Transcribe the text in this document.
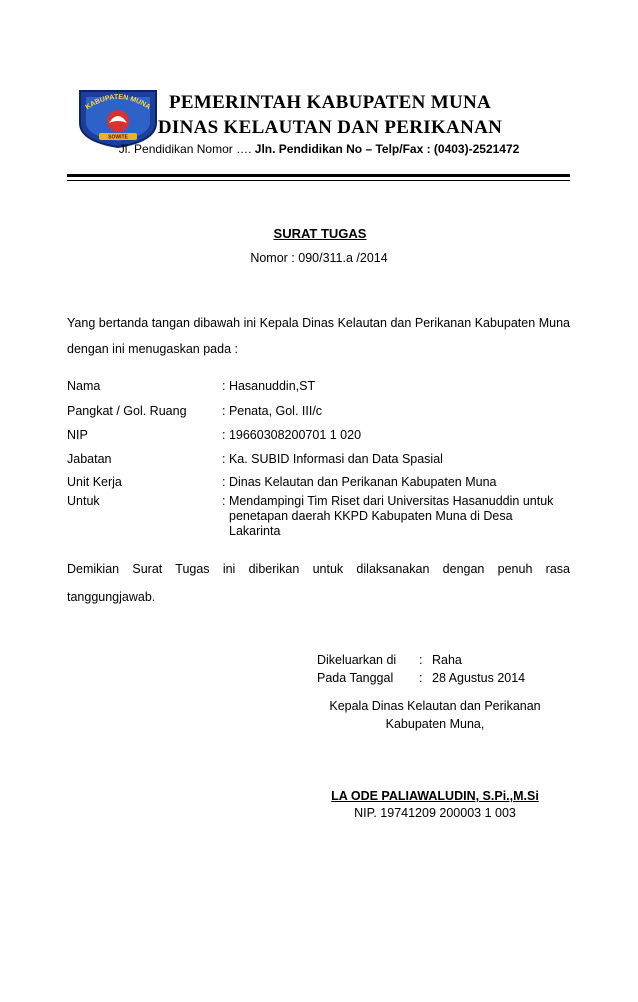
KABUPATEN MUNA
SOWITE
PEMERINTAH KABUPATEN MUNA
DINAS KELAUTAN DAN PERIKANAN
Jl. Pendidikan Nomor …. Jln. Pendidikan No – Telp/Fax : (0403)-2521472
SURAT TUGAS
Nomor : 090/311.a /2014
Yang bertanda tangan dibawah ini Kepala Dinas Kelautan dan Perikanan Kabupaten Muna dengan ini menugaskan pada :
Nama	: Hasanuddin,ST
Pangkat / Gol. Ruang	: Penata, Gol. III/c
NIP	: 19660308200701 1 020
Jabatan	: Ka. SUBID Informasi dan Data Spasial
Unit Kerja	: Dinas Kelautan dan Perikanan Kabupaten Muna
Untuk	: Mendampingi Tim Riset dari Universitas Hasanuddin untuk
penetapan daerah KKPD Kabupaten Muna di Desa
Lakarinta
Demikian Surat Tugas ini diberikan untuk dilaksanakan dengan penuh rasa tanggungjawab.
Dikeluarkan di : Raha
Pada Tanggal : 28 Agustus 2014
Kepala Dinas Kelautan dan Perikanan
Kabupaten Muna,
LA ODE PALIAWALUDIN, S.Pi.,M.Si
NIP. 19741209 200003 1 003
